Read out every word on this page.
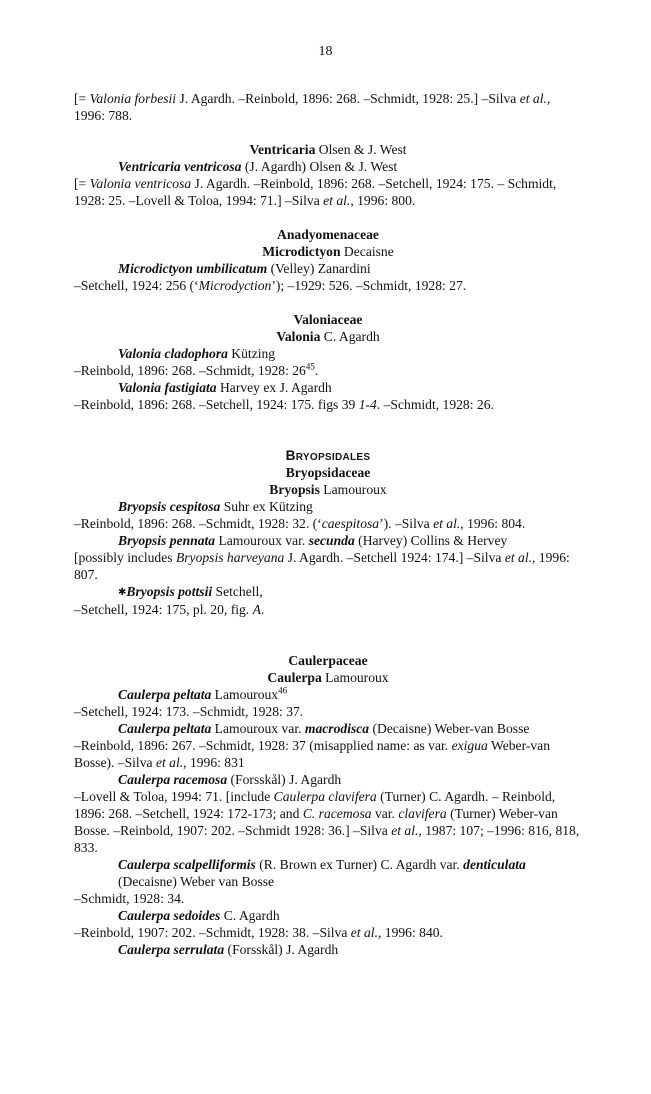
18

[= Valonia forbesii J. Agardh. –Reinbold, 1896: 268. –Schmidt, 1928: 25.] –Silva et al., 1996: 788.

Ventricaria Olsen & J. West

Ventricaria ventricosa (J. Agardh) Olsen & J. West

[= Valonia ventricosa J. Agardh. –Reinbold, 1896: 268. –Setchell, 1924: 175. – Schmidt, 1928: 25. –Lovell & Toloa, 1994: 71.] –Silva et al., 1996: 800.

Anadyomenaceae

Microdictyon Decaisne

Microdictyon umbilicatum (Velley) Zanardini

–Setchell, 1924: 256 (‘Microdyction’); –1929: 526. –Schmidt, 1928: 27.

Valoniaceae

Valonia C. Agardh

Valonia cladophora Kützing

–Reinbold, 1896: 268. –Schmidt, 1928: $26^{45}$.

Valonia fastigiata Harvey ex J. Agardh

–Reinbold, 1896: 268. –Setchell, 1924: 175. figs 39 1-4. –Schmidt, 1928: 26.

Bryopsidales

Bryopsidaceae

Bryopsis Lamouroux

Bryopsis cespitosa Suhr ex Kützing

–Reinbold, 1896: 268. –Schmidt, 1928: 32. (‘caespitosa’). –Silva et al., 1996: 804.

Bryopsis pennata Lamouroux var. secunda (Harvey) Collins & Hervey

[possibly includes Bryopsis harveyana J. Agardh. –Setchell 1924: 174.] –Silva et al., 1996: 807.

✱Bryopsis pottsii Setchell,

–Setchell, 1924: 175, pl. 20, fig. A.

Caulerpaceae

Caulerpa Lamouroux

Caulerpa peltata Lamouroux$^{46}$

–Setchell, 1924: 173. –Schmidt, 1928: 37.

Caulerpa peltata Lamouroux var. macrodisca (Decaisne) Weber-van Bosse

–Reinbold, 1896: 267. –Schmidt, 1928: 37 (misapplied name: as var. exigua Weber-van Bosse). –Silva et al., 1996: 831

Caulerpa racemosa (Forsskål) J. Agardh

–Lovell & Toloa, 1994: 71. [include Caulerpa clavifera (Turner) C. Agardh. – Reinbold, 1896: 268. –Setchell, 1924: 172-173; and C. racemosa var. clavifera (Turner) Weber-van Bosse. –Reinbold, 1907: 202. –Schmidt 1928: 36.] –Silva et al., 1987: 107; –1996: 816, 818, 833.

Caulerpa scalpelliformis (R. Brown ex Turner) C. Agardh var. denticulata (Decaisne) Weber van Bosse

–Schmidt, 1928: 34.

Caulerpa sedoides C. Agardh

–Reinbold, 1907: 202. –Schmidt, 1928: 38. –Silva et al., 1996: 840.

Caulerpa serrulata (Forsskål) J. Agardh
